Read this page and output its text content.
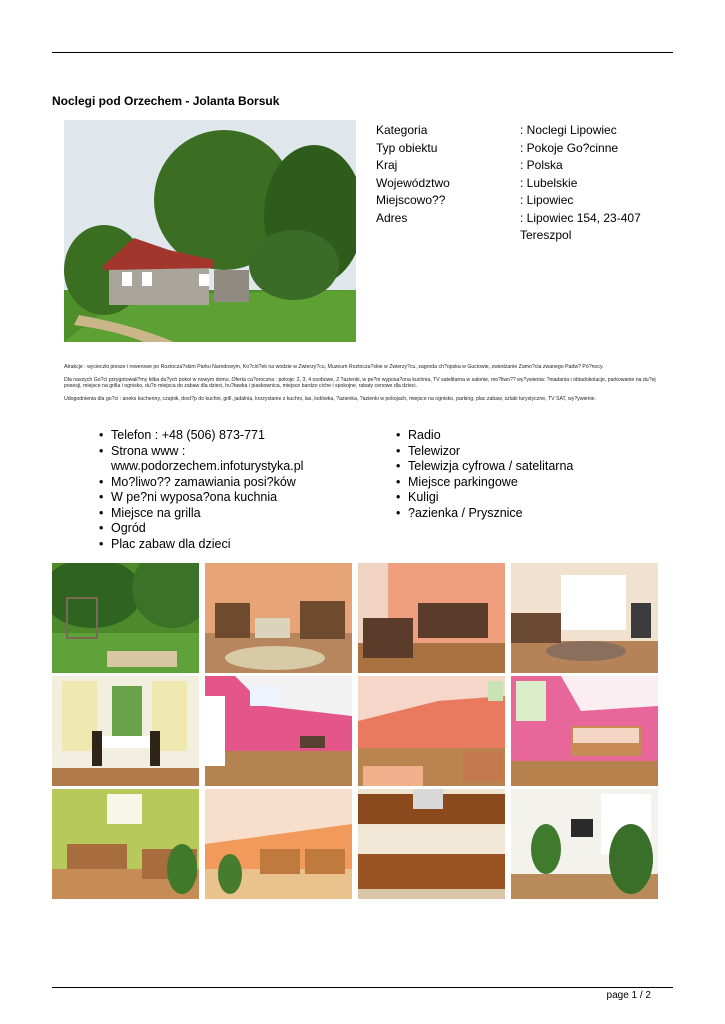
Noclegi pod Orzechem - Jolanta Borsuk
Kategoria	: Noclegi Lipowiec
Typ obiektu	: Pokoje Go?cinne
Kraj	: Polska
Województwo	: Lubelskie
Miejscowo??	: Lipowiec
Adres	: Lipowiec 154, 23-407 Tereszpol
Atrakcje : wycieczki piesze i rowerowe po Roztocza?skim Parku Narodowym, Ko?ció?ek na wodzie w Zwierzy?cu, Muzeum Roztocza?skie w Zwierzy?cu, zagroda ch?opska w Guciowie, zwiedzanie Zamo?cia zwanego Padw? Pó?nocy.
Dla naszych Go?ci przygotowali?my kilka du?ych pokoi w nowym domu. Oferta ca?oroczna : pokoje: 2, 3, 4 osobowe, 2 ?azienki, w pe?ni wyposa?ona kuchnia, TV satelitarna w salonie, mo?liwo?? wy?ywienia: ?niadania i obiadokolacje, parkowanie na du?ej posesji, miejsce na grilla i ognisko, du?o miejsca do zabaw dla dzieci, hu?tawka i piaskownica, miejsce bardzo ciche i spokojne, rabaty cenowe dla dzieci.
Udogodnienia dla go?ci : aneks kuchenny, czajnik, dost?p do kuchni, grill, jadalnia, korzystanie z kuchni, las, lodówka, ?azienka, ?azienki w pokojach, miejsce na ognisko, parking, plac zabaw, szlaki turystyczne, TV SAT, wy?ywienie.
• Telefon : +48 (506) 873-771
• Strona www : www.podorzechem.infoturystyka.pl
• Mo?liwo?? zamawiania posi?ków
• W pe?ni wyposa?ona kuchnia
• Miejsce na grilla
• Ogród
• Plac zabaw dla dzieci
• Radio
• Telewizor
• Telewizja cyfrowa / satelitarna
• Miejsce parkingowe
• Kuligi
• ?azienka / Prysznice
page 1 / 2
